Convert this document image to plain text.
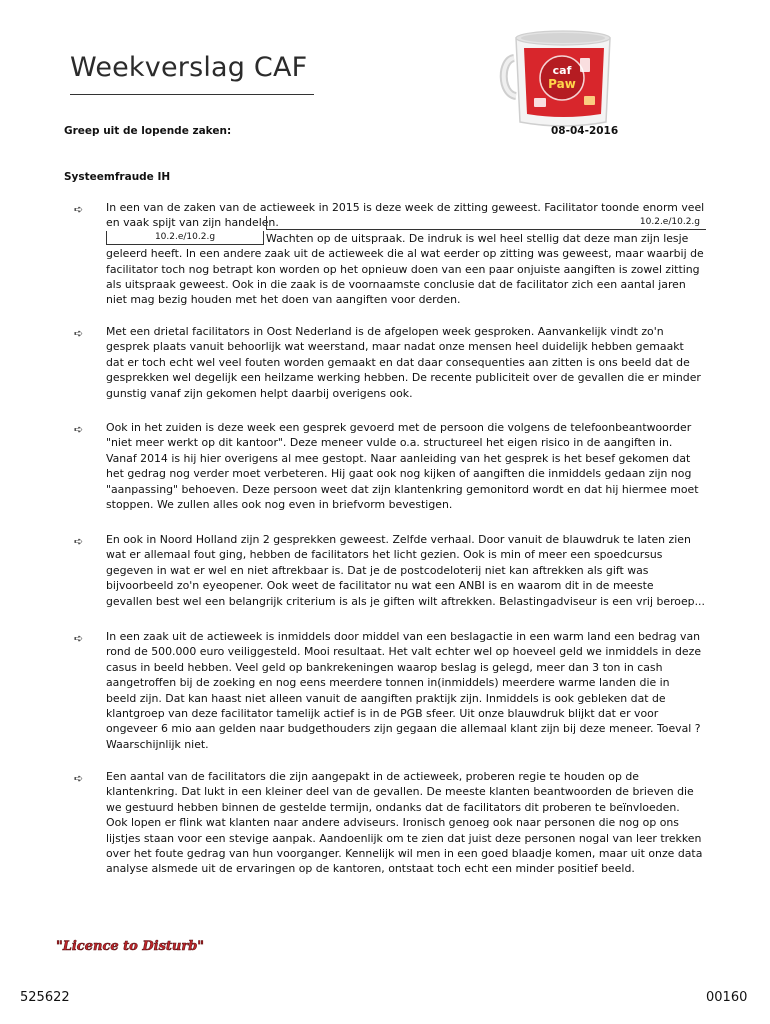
Weekverslag CAF	caf
Paw
Greep uit de lopende zaken:	08-04-2016
Systeemfraude IH
➪	In een van de zaken van de actieweek in 2015 is deze week de zitting geweest. Facilitator toonde enorm veel
en vaak spijt van zijn handelen.
Wachten op de uitspraak. De indruk is wel heel stellig dat deze man zijn lesje
geleerd heeft. In een andere zaak uit de actieweek die al wat eerder op zitting was geweest, maar waarbij de
facilitator toch nog betrapt kon worden op het opnieuw doen van een paar onjuiste aangiften is zowel zitting
als uitspraak geweest. Ook in die zaak is de voornaamste conclusie dat de facilitator zich een aantal jaren
niet mag bezig houden met het doen van aangiften voor derden.
10.2.e/10.2.g
10.2.e/10.2.g
➪	Met een drietal facilitators in Oost Nederland is de afgelopen week gesproken. Aanvankelijk vindt zo'n
gesprek plaats vanuit behoorlijk wat weerstand, maar nadat onze mensen heel duidelijk hebben gemaakt
dat er toch echt wel veel fouten worden gemaakt en dat daar consequenties aan zitten is ons beeld dat de
gesprekken wel degelijk een heilzame werking hebben. De recente publiciteit over de gevallen die er minder
gunstig vanaf zijn gekomen helpt daarbij overigens ook.
➪	Ook in het zuiden is deze week een gesprek gevoerd met de persoon die volgens de telefoonbeantwoorder
"niet meer werkt op dit kantoor". Deze meneer vulde o.a. structureel het eigen risico in de aangiften in.
Vanaf 2014 is hij hier overigens al mee gestopt. Naar aanleiding van het gesprek is het besef gekomen dat
het gedrag nog verder moet verbeteren. Hij gaat ook nog kijken of aangiften die inmiddels gedaan zijn nog
"aanpassing" behoeven. Deze persoon weet dat zijn klantenkring gemonitord wordt en dat hij hiermee moet
stoppen. We zullen alles ook nog even in briefvorm bevestigen.
➪	En ook in Noord Holland zijn 2 gesprekken geweest. Zelfde verhaal. Door vanuit de blauwdruk te laten zien
wat er allemaal fout ging, hebben de facilitators het licht gezien. Ook is min of meer een spoedcursus
gegeven in wat er wel en niet aftrekbaar is. Dat je de postcodeloterij niet kan aftrekken als gift was
bijvoorbeeld zo'n eyeopener. Ook weet de facilitator nu wat een ANBI is en waarom dit in de meeste
gevallen best wel een belangrijk criterium is als je giften wilt aftrekken. Belastingadviseur is een vrij beroep...
➪	In een zaak uit de actieweek is inmiddels door middel van een beslagactie in een warm land een bedrag van
rond de 500.000 euro veiliggesteld. Mooi resultaat. Het valt echter wel op hoeveel geld we inmiddels in deze
casus in beeld hebben. Veel geld op bankrekeningen waarop beslag is gelegd, meer dan 3 ton in cash
aangetroffen bij de zoeking en nog eens meerdere tonnen in(inmiddels) meerdere warme landen die in
beeld zijn. Dat kan haast niet alleen vanuit de aangiften praktijk zijn. Inmiddels is ook gebleken dat de
klantgroep van deze facilitator tamelijk actief is in de PGB sfeer. Uit onze blauwdruk blijkt dat er voor
ongeveer 6 mio aan gelden naar budgethouders zijn gegaan die allemaal klant zijn bij deze meneer. Toeval ?
Waarschijnlijk niet.
➪	Een aantal van de facilitators die zijn aangepakt in de actieweek, proberen regie te houden op de
klantenkring. Dat lukt in een kleiner deel van de gevallen. De meeste klanten beantwoorden de brieven die
we gestuurd hebben binnen de gestelde termijn, ondanks dat de facilitators dit proberen te beïnvloeden.
Ook lopen er flink wat klanten naar andere adviseurs. Ironisch genoeg ook naar personen die nog op ons
lijstjes staan voor een stevige aanpak. Aandoenlijk om te zien dat juist deze personen nogal van leer trekken
over het foute gedrag van hun voorganger. Kennelijk wil men in een goed blaadje komen, maar uit onze data
analyse alsmede uit de ervaringen op de kantoren, ontstaat toch echt een minder positief beeld.
"Licence to Disturb"
525622	00160
